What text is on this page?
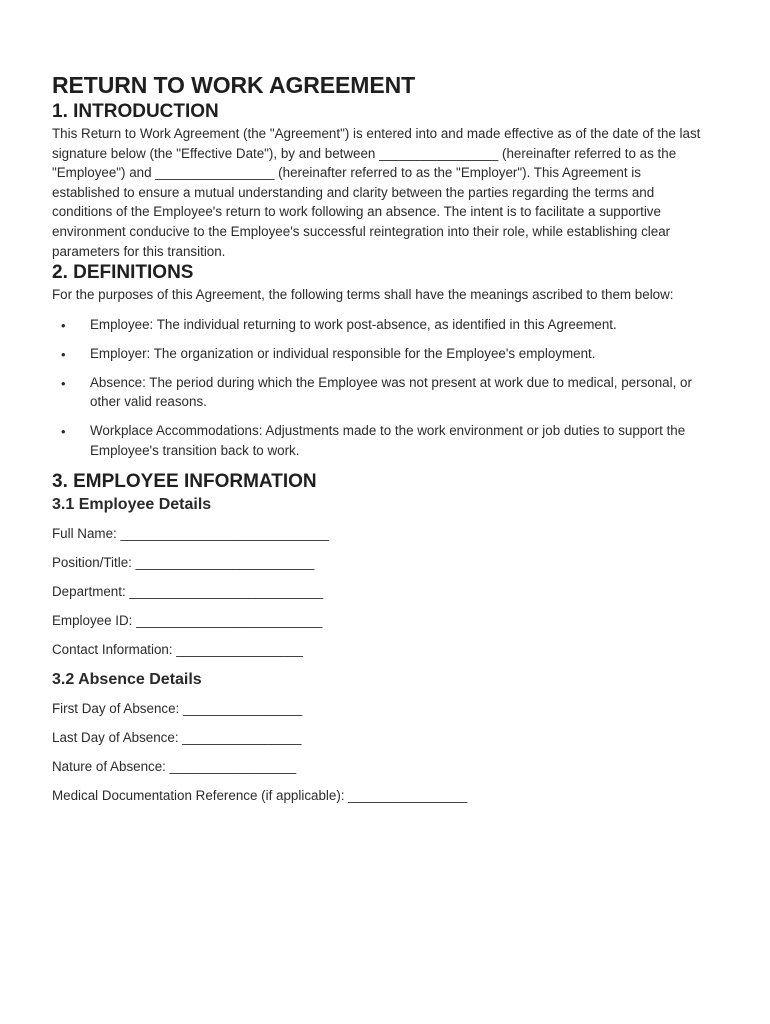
RETURN TO WORK AGREEMENT
1. INTRODUCTION

This Return to Work Agreement (the "Agreement") is entered into and made effective as of the date of the last signature below (the "Effective Date"), by and between ________________ (hereinafter referred to as the "Employee") and ________________ (hereinafter referred to as the "Employer"). This Agreement is established to ensure a mutual understanding and clarity between the parties regarding the terms and conditions of the Employee's return to work following an absence. The intent is to facilitate a supportive environment conducive to the Employee's successful reintegration into their role, while establishing clear parameters for this transition.

2. DEFINITIONS

For the purposes of this Agreement, the following terms shall have the meanings ascribed to them below:

• Employee: The individual returning to work post-absence, as identified in this Agreement.
• Employer: The organization or individual responsible for the Employee's employment.
• Absence: The period during which the Employee was not present at work due to medical, personal, or other valid reasons.
• Workplace Accommodations: Adjustments made to the work environment or job duties to support the Employee's transition back to work.
3. EMPLOYEE INFORMATION
3.1 Employee Details
Full Name: ____________________________
Position/Title: ________________________
Department: __________________________
Employee ID: _________________________
Contact Information: _________________
3.2 Absence Details
First Day of Absence: ________________
Last Day of Absence: ________________
Nature of Absence: _________________
Medical Documentation Reference (if applicable): ________________
